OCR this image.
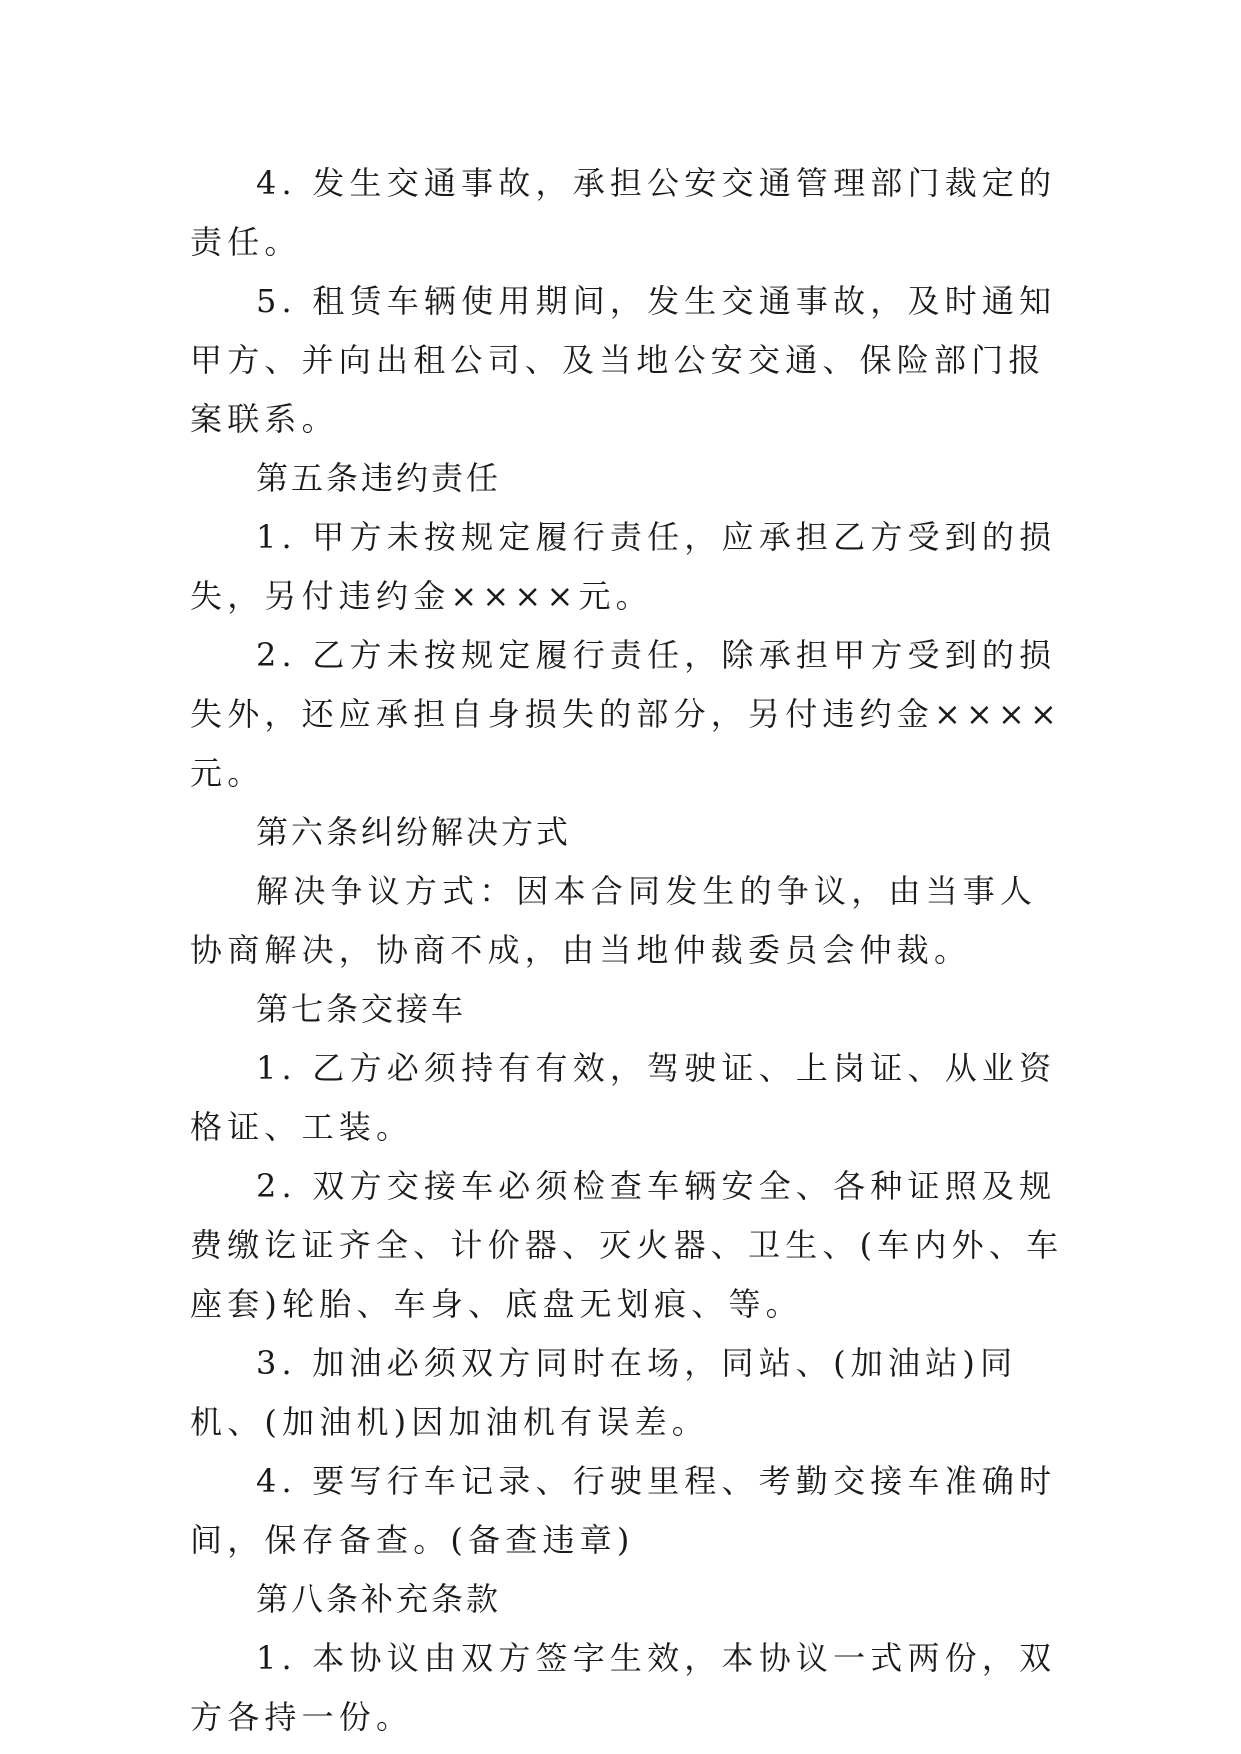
4. 发生交通事故，承担公安交通管理部门裁定的责任。

5. 租赁车辆使用期间，发生交通事故，及时通知甲方、并向出租公司、及当地公安交通、保险部门报案联系。

第五条违约责任

1. 甲方未按规定履行责任，应承担乙方受到的损失，另付违约金××××元。

2. 乙方未按规定履行责任，除承担甲方受到的损失外，还应承担自身损失的部分，另付违约金××××元。

第六条纠纷解决方式

解决争议方式：因本合同发生的争议，由当事人协商解决，协商不成，由当地仲裁委员会仲裁。

第七条交接车

1. 乙方必须持有有效，驾驶证、上岗证、从业资格证、工装。

2. 双方交接车必须检查车辆安全、各种证照及规费缴讫证齐全、计价器、灭火器、卫生、(车内外、车座套)轮胎、车身、底盘无划痕、等。

3. 加油必须双方同时在场，同站、(加油站)同机、(加油机)因加油机有误差。

4. 要写行车记录、行驶里程、考勤交接车准确时间，保存备查。(备查违章)

第八条补充条款

1. 本协议由双方签字生效，本协议一式两份，双方各持一份。
